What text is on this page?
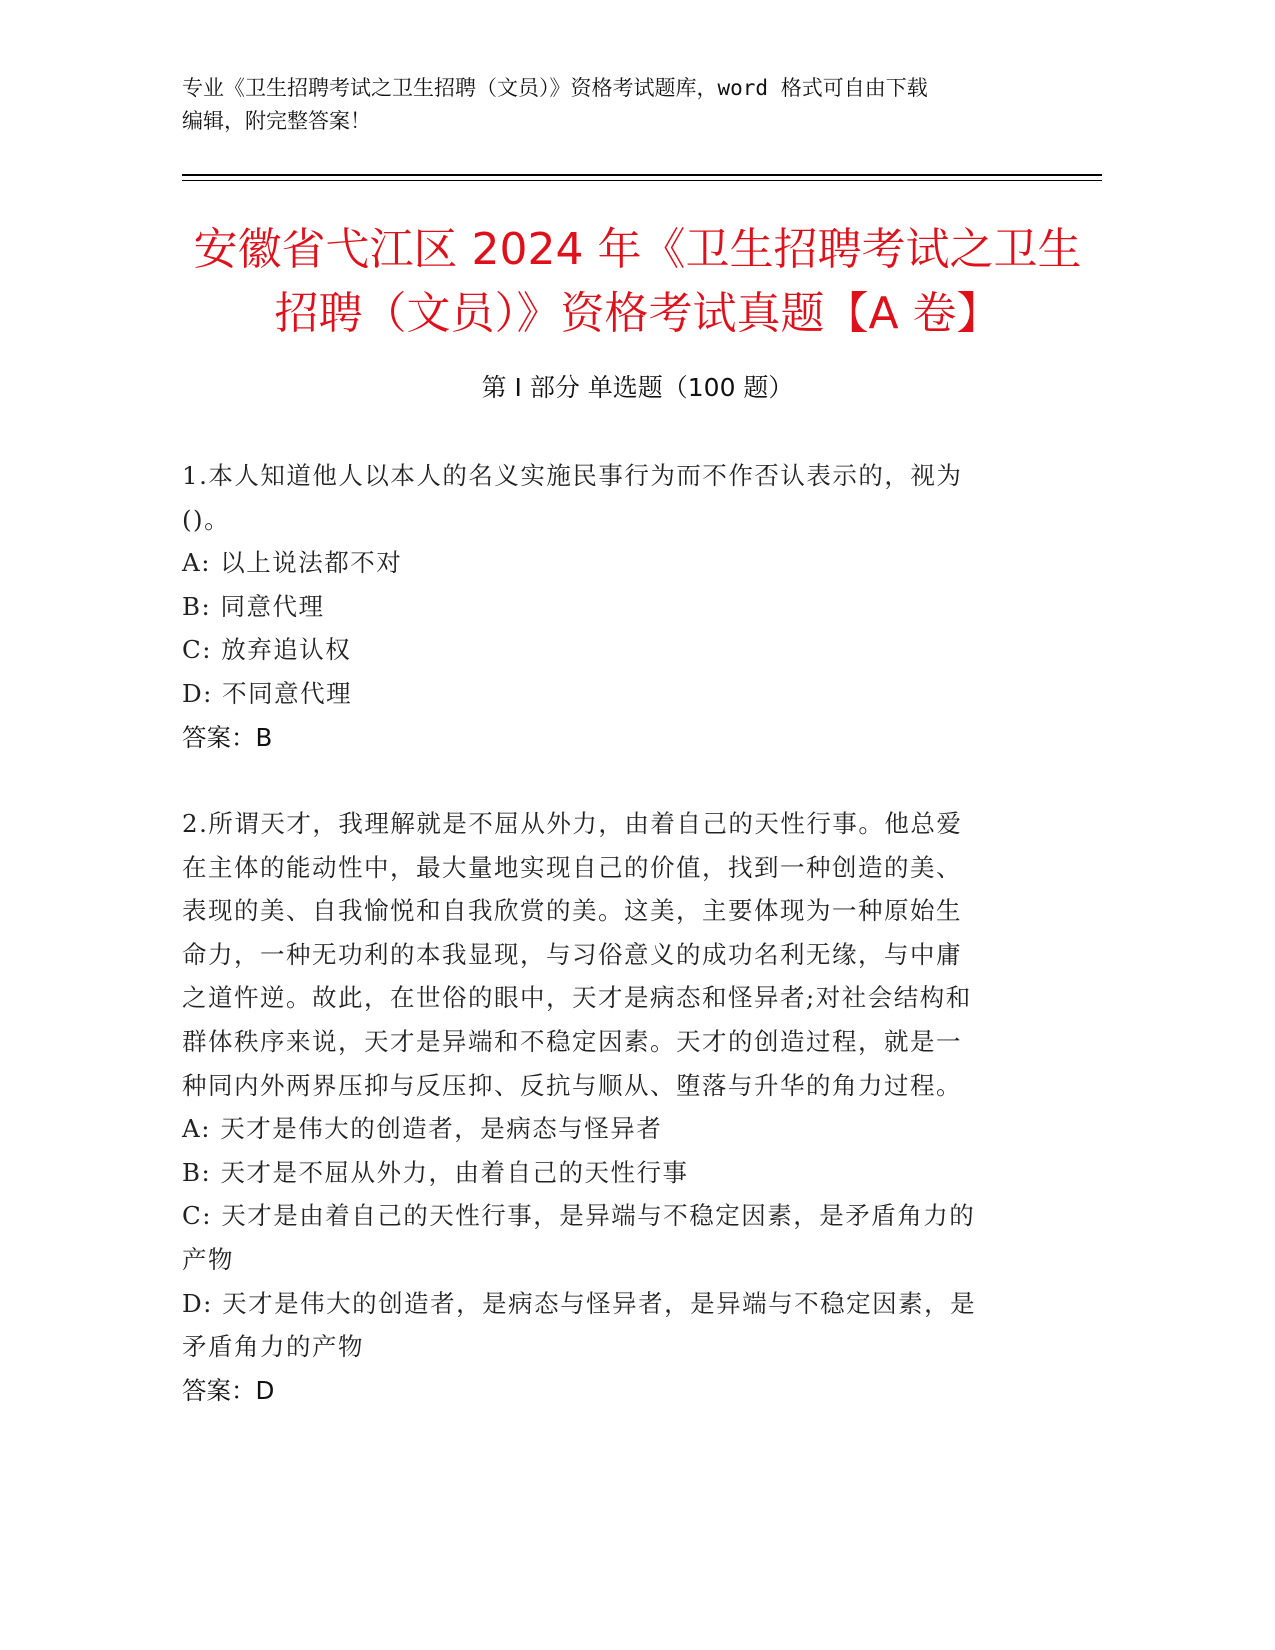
专业《卫生招聘考试之卫生招聘（文员）》资格考试题库，word 格式可自由下载
编辑，附完整答案！
安徽省弋江区 2024 年《卫生招聘考试之卫生
招聘（文员）》资格考试真题【A 卷】
第 I 部分 单选题（100 题）
1.本人知道他人以本人的名义实施民事行为而不作否认表示的，视为
()。
A: 以上说法都不对
B: 同意代理
C: 放弃追认权
D: 不同意代理
答案：B
2.所谓天才，我理解就是不屈从外力，由着自己的天性行事。他总爱
在主体的能动性中，最大量地实现自己的价值，找到一种创造的美、
表现的美、自我愉悦和自我欣赏的美。这美，主要体现为一种原始生
命力，一种无功利的本我显现，与习俗意义的成功名利无缘，与中庸
之道忤逆。故此，在世俗的眼中，天才是病态和怪异者;对社会结构和
群体秩序来说，天才是异端和不稳定因素。天才的创造过程，就是一
种同内外两界压抑与反压抑、反抗与顺从、堕落与升华的角力过程。
A: 天才是伟大的创造者，是病态与怪异者
B: 天才是不屈从外力，由着自己的天性行事
C: 天才是由着自己的天性行事，是异端与不稳定因素，是矛盾角力的
产物
D: 天才是伟大的创造者，是病态与怪异者，是异端与不稳定因素，是
矛盾角力的产物
答案：D
